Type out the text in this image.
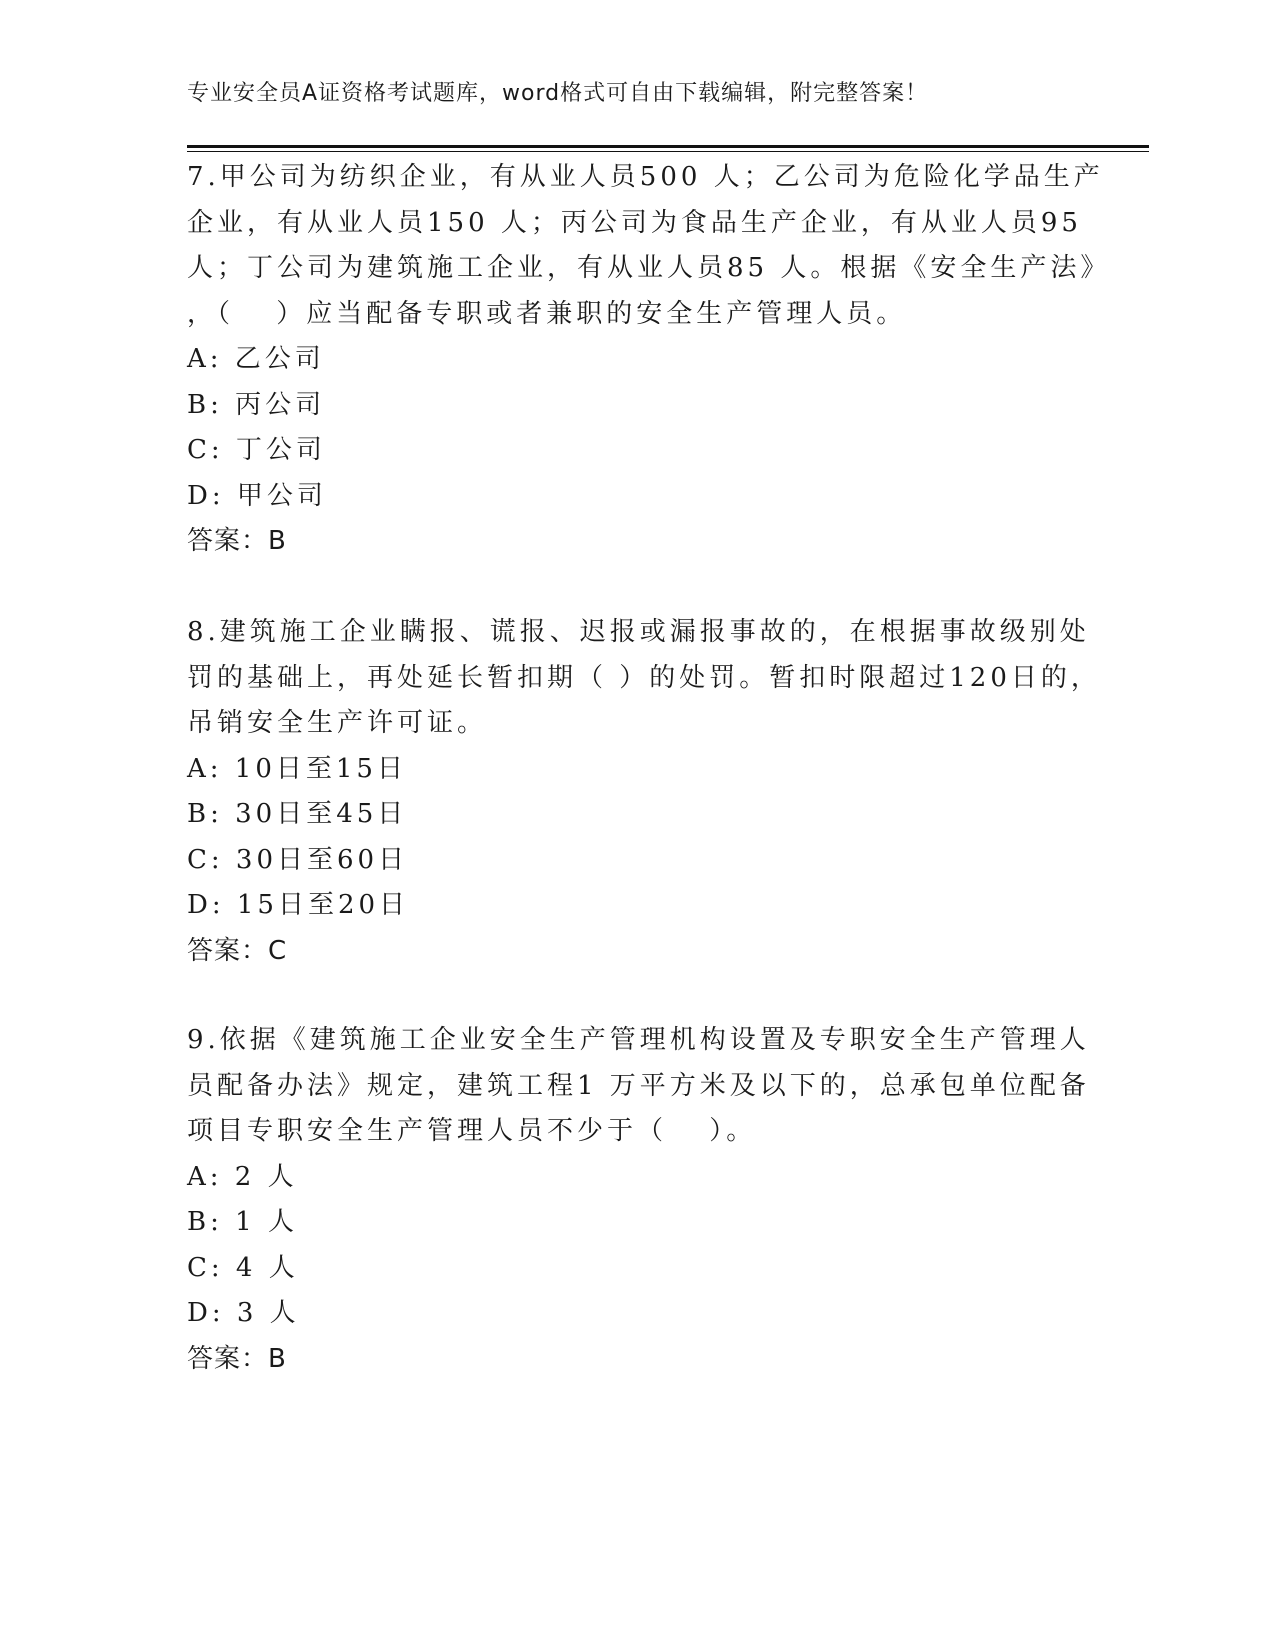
专业安全员A证资格考试题库，word格式可自由下载编辑，附完整答案！
7.甲公司为纺织企业，有从业人员500 人；乙公司为危险化学品生产
企业，有从业人员150 人；丙公司为食品生产企业，有从业人员95
人；丁公司为建筑施工企业，有从业人员85 人。根据《安全生产法》
，（　 ）应当配备专职或者兼职的安全生产管理人员。
A: 乙公司
B: 丙公司
C: 丁公司
D: 甲公司
答案：B
8.建筑施工企业瞒报、谎报、迟报或漏报事故的，在根据事故级别处
罚的基础上，再处延长暂扣期（ ）的处罚。暂扣时限超过120日的，
吊销安全生产许可证。
A: 10日至15日
B: 30日至45日
C: 30日至60日
D: 15日至20日
答案：C
9.依据《建筑施工企业安全生产管理机构设置及专职安全生产管理人
员配备办法》规定，建筑工程1 万平方米及以下的，总承包单位配备
项目专职安全生产管理人员不少于（　 ）。
A: 2 人
B: 1 人
C: 4 人
D: 3 人
答案：B
